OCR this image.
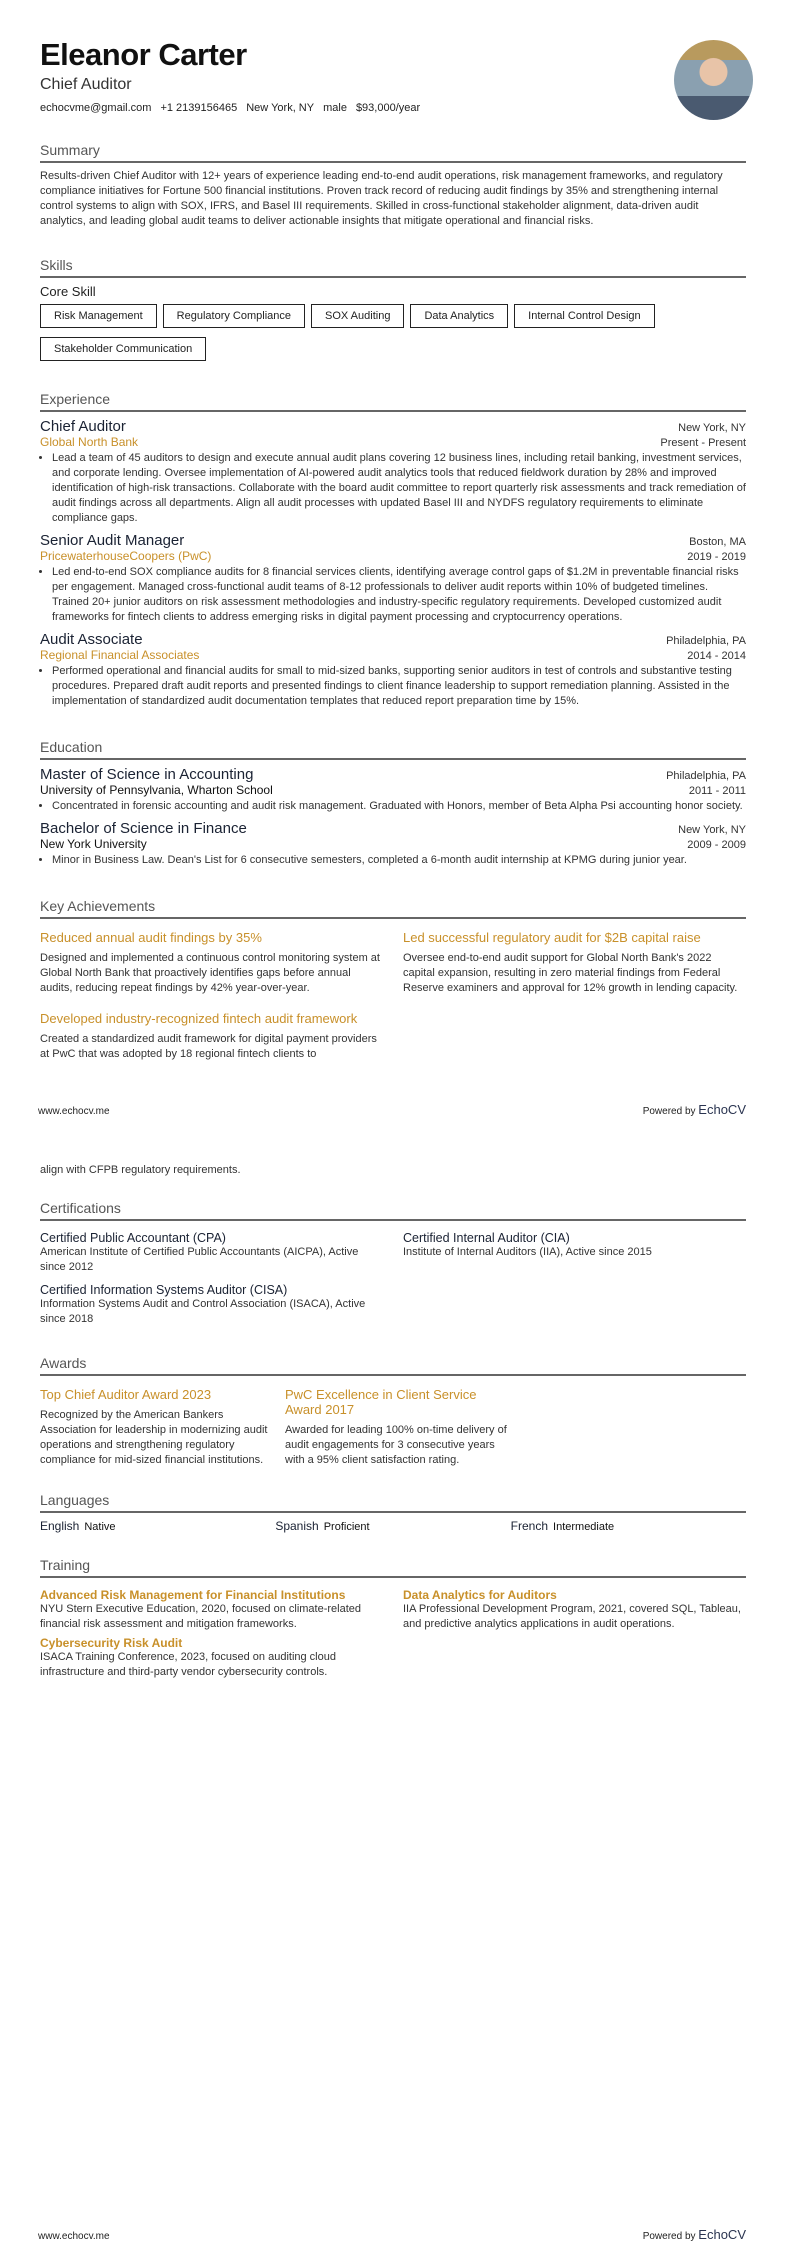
Eleanor Carter
Chief Auditor
echocvme@gmail.com +1 2139156465 New York, NY male $93,000/year
Summary
Results-driven Chief Auditor with 12+ years of experience leading end-to-end audit operations, risk management frameworks, and regulatory compliance initiatives for Fortune 500 financial institutions. Proven track record of reducing audit findings by 35% and strengthening internal control systems to align with SOX, IFRS, and Basel III requirements. Skilled in cross-functional stakeholder alignment, data-driven audit analytics, and leading global audit teams to deliver actionable insights that mitigate operational and financial risks.
Skills
Core Skill
Risk Management	Regulatory Compliance	SOX Auditing	Data Analytics	Internal Control Design
Stakeholder Communication
Experience
Chief Auditor	New York, NY
Global North Bank	Present - Present
• Lead a team of 45 auditors to design and execute annual audit plans covering 12 business lines, including retail banking, investment services, and corporate lending. Oversee implementation of AI-powered audit analytics tools that reduced fieldwork duration by 28% and improved identification of high-risk transactions. Collaborate with the board audit committee to report quarterly risk assessments and track remediation of audit findings across all departments. Align all audit processes with updated Basel III and NYDFS regulatory requirements to eliminate compliance gaps.
Senior Audit Manager	Boston, MA
PricewaterhouseCoopers (PwC)	2019 - 2019
• Led end-to-end SOX compliance audits for 8 financial services clients, identifying average control gaps of $1.2M in preventable financial risks per engagement. Managed cross-functional audit teams of 8-12 professionals to deliver audit reports within 10% of budgeted timelines. Trained 20+ junior auditors on risk assessment methodologies and industry-specific regulatory requirements. Developed customized audit frameworks for fintech clients to address emerging risks in digital payment processing and cryptocurrency operations.
Audit Associate	Philadelphia, PA
Regional Financial Associates	2014 - 2014
• Performed operational and financial audits for small to mid-sized banks, supporting senior auditors in test of controls and substantive testing procedures. Prepared draft audit reports and presented findings to client finance leadership to support remediation planning. Assisted in the implementation of standardized audit documentation templates that reduced report preparation time by 15%.
Education
Master of Science in Accounting	Philadelphia, PA
University of Pennsylvania, Wharton School	2011 - 2011
• Concentrated in forensic accounting and audit risk management. Graduated with Honors, member of Beta Alpha Psi accounting honor society.
Bachelor of Science in Finance	New York, NY
New York University	2009 - 2009
• Minor in Business Law. Dean's List for 6 consecutive semesters, completed a 6-month audit internship at KPMG during junior year.
Key Achievements
Reduced annual audit findings by 35%
Designed and implemented a continuous control monitoring system at Global North Bank that proactively identifies gaps before annual audits, reducing repeat findings by 42% year-over-year.
Led successful regulatory audit for $2B capital raise
Oversee end-to-end audit support for Global North Bank's 2022 capital expansion, resulting in zero material findings from Federal Reserve examiners and approval for 12% growth in lending capacity.
Developed industry-recognized fintech audit framework
Created a standardized audit framework for digital payment providers at PwC that was adopted by 18 regional fintech clients to
www.echocv.me	Powered by EchoCV
align with CFPB regulatory requirements.
Certifications
Certified Public Accountant (CPA)
American Institute of Certified Public Accountants (AICPA), Active since 2012
Certified Internal Auditor (CIA)
Institute of Internal Auditors (IIA), Active since 2015
Certified Information Systems Auditor (CISA)
Information Systems Audit and Control Association (ISACA), Active since 2018
Awards
Top Chief Auditor Award 2023
Recognized by the American Bankers Association for leadership in modernizing audit operations and strengthening regulatory compliance for mid-sized financial institutions.
PwC Excellence in Client Service Award 2017
Awarded for leading 100% on-time delivery of audit engagements for 3 consecutive years with a 95% client satisfaction rating.
Languages
English Native	Spanish Proficient	French Intermediate
Training
Advanced Risk Management for Financial Institutions
NYU Stern Executive Education, 2020, focused on climate-related financial risk assessment and mitigation frameworks.
Data Analytics for Auditors
IIA Professional Development Program, 2021, covered SQL, Tableau, and predictive analytics applications in audit operations.
Cybersecurity Risk Audit
ISACA Training Conference, 2023, focused on auditing cloud infrastructure and third-party vendor cybersecurity controls.
www.echocv.me	Powered by EchoCV
